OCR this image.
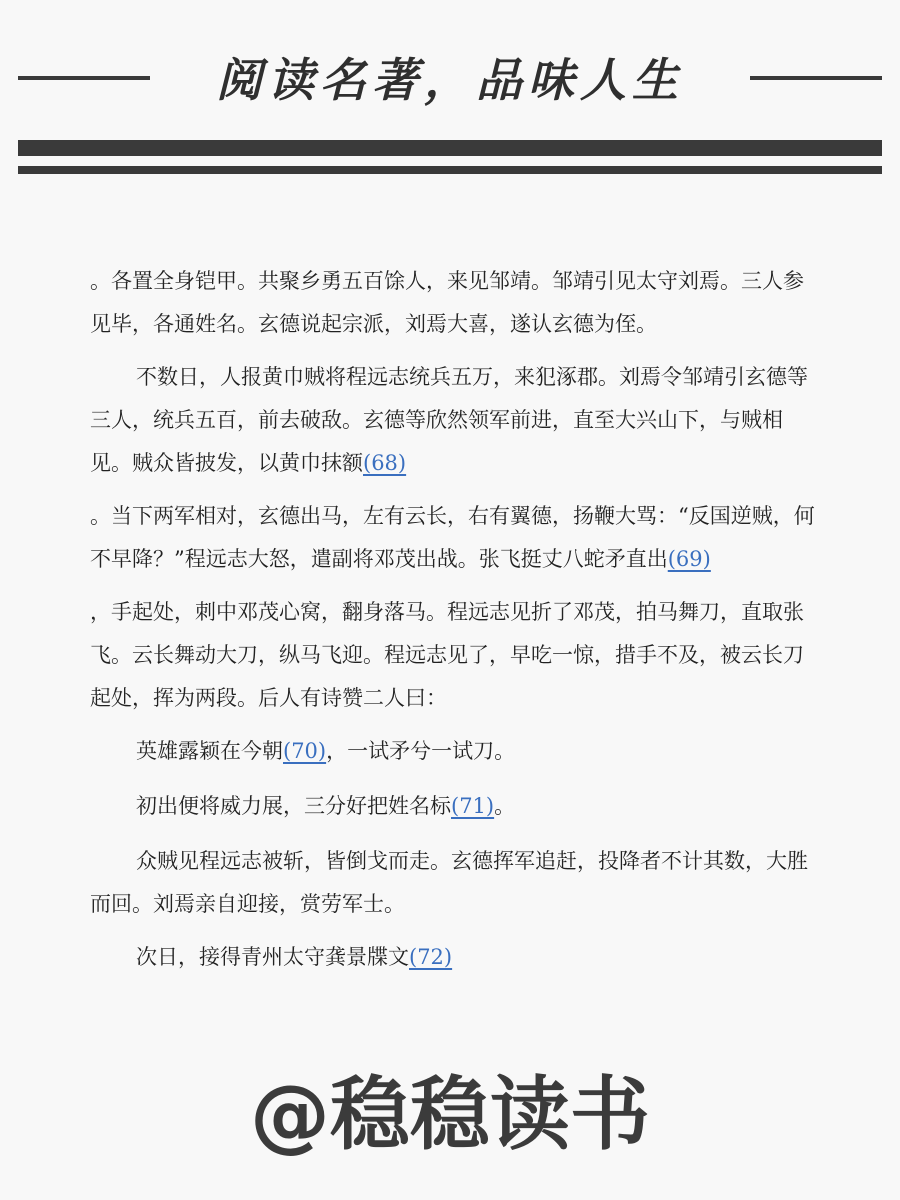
阅读名著，品味人生

。各置全身铠甲。共聚乡勇五百馀人，来见邹靖。邹靖引见太守刘焉。三人参见毕，各通姓名。玄德说起宗派，刘焉大喜，遂认玄德为侄。

不数日，人报黄巾贼将程远志统兵五万，来犯涿郡。刘焉令邹靖引玄德等三人，统兵五百，前去破敌。玄德等欣然领军前进，直至大兴山下，与贼相见。贼众皆披发，以黄巾抹额(68)

。当下两军相对，玄德出马，左有云长，右有翼德，扬鞭大骂：“反国逆贼，何不早降？”程远志大怒，遣副将邓茂出战。张飞挺丈八蛇矛直出(69)

，手起处，刺中邓茂心窝，翻身落马。程远志见折了邓茂，拍马舞刀，直取张飞。云长舞动大刀，纵马飞迎。程远志见了，早吃一惊，措手不及，被云长刀起处，挥为两段。后人有诗赞二人曰：

英雄露颖在今朝(70)，一试矛兮一试刀。

初出便将威力展，三分好把姓名标(71)。

众贼见程远志被斩，皆倒戈而走。玄德挥军追赶，投降者不计其数，大胜而回。刘焉亲自迎接，赏劳军士。

次日，接得青州太守龚景牒文(72)

@稳稳读书
